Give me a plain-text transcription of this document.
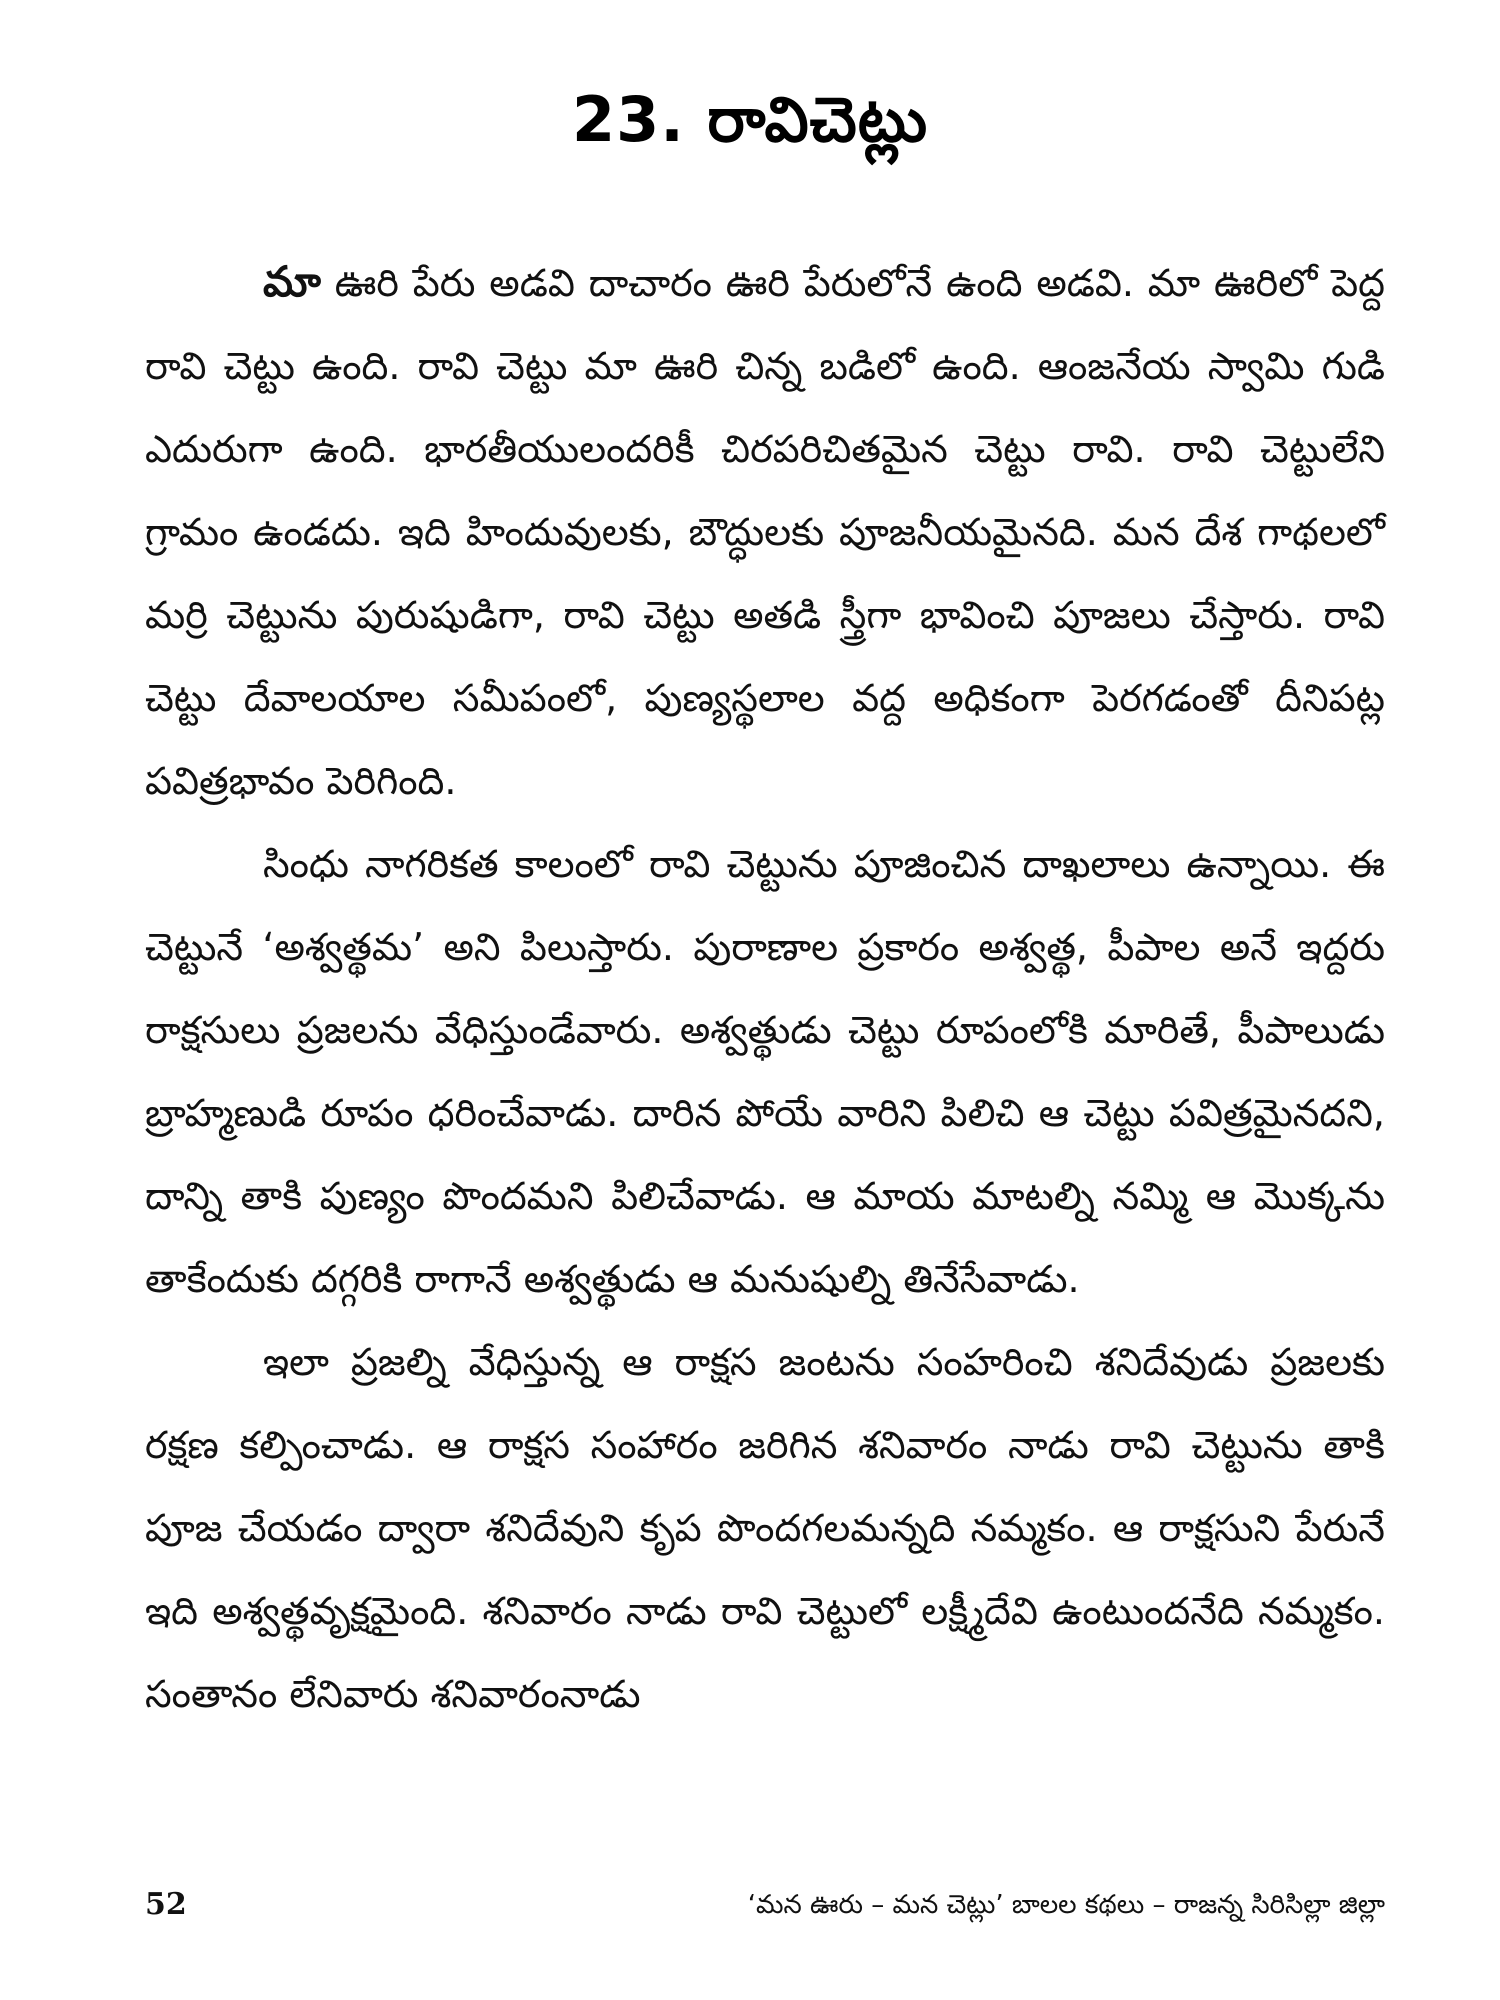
23. రావిచెట్లు

మా ఊరి పేరు అడవి దాచారం ఊరి పేరులోనే ఉంది అడవి. మా ఊరిలో పెద్ద రావి చెట్టు ఉంది. రావి చెట్టు మా ఊరి చిన్న బడిలో ఉంది. ఆంజనేయ స్వామి గుడి ఎదురుగా ఉంది. భారతీయులందరికీ చిరపరిచితమైన చెట్టు రావి. రావి చెట్టులేని గ్రామం ఉండదు. ఇది హిందువులకు, బౌద్ధులకు పూజనీయమైనది. మన దేశ గాథలలో మర్రి చెట్టును పురుషుడిగా, రావి చెట్టు అతడి స్త్రీగా భావించి పూజలు చేస్తారు. రావి చెట్టు దేవాలయాల సమీపంలో, పుణ్యస్థలాల వద్ద అధికంగా పెరగడంతో దీనిపట్ల పవిత్రభావం పెరిగింది.

సింధు నాగరికత కాలంలో రావి చెట్టును పూజించిన దాఖలాలు ఉన్నాయి. ఈ చెట్టునే ‘అశ్వత్థమ’ అని పిలుస్తారు. పురాణాల ప్రకారం అశ్వత్థ, పీపాల అనే ఇద్దరు రాక్షసులు ప్రజలను వేధిస్తుండేవారు. అశ్వత్థుడు చెట్టు రూపంలోకి మారితే, పీపాలుడు బ్రాహ్మణుడి రూపం ధరించేవాడు. దారిన పోయే వారిని పిలిచి ఆ చెట్టు పవిత్రమైనదని, దాన్ని తాకి పుణ్యం పొందమని పిలిచేవాడు. ఆ మాయ మాటల్ని నమ్మి ఆ మొక్కను తాకేందుకు దగ్గరికి రాగానే అశ్వత్థుడు ఆ మనుషుల్ని తినేసేవాడు.

ఇలా ప్రజల్ని వేధిస్తున్న ఆ రాక్షస జంటను సంహరించి శనిదేవుడు ప్రజలకు రక్షణ కల్పించాడు. ఆ రాక్షస సంహారం జరిగిన శనివారం నాడు రావి చెట్టును తాకి పూజ చేయడం ద్వారా శనిదేవుని కృప పొందగలమన్నది నమ్మకం. ఆ రాక్షసుని పేరునే ఇది అశ్వత్థవృక్షమైంది. శనివారం నాడు రావి చెట్టులో లక్ష్మీదేవి ఉంటుందనేది నమ్మకం. సంతానం లేనివారు శనివారంనాడు

52	‘మన ఊరు – మన చెట్లు’ బాలల కథలు – రాజన్న సిరిసిల్లా జిల్లా
